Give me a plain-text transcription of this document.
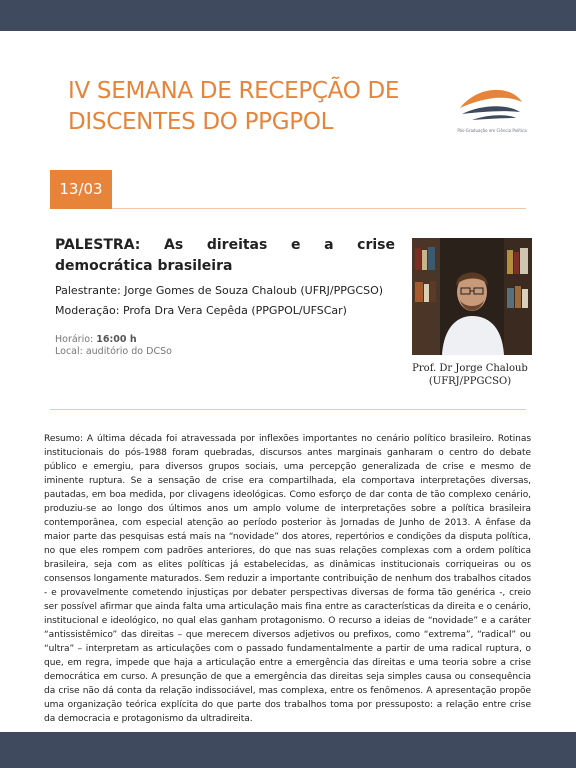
IV SEMANA DE RECEPÇÃO DE
DISCENTES DO PPGPOL	Pós-Graduação em Ciência Política
13/03
PALESTRA: As direitas e a crise democrática brasileira
Palestrante: Jorge Gomes de Souza Chaloub (UFRJ/PPGCSO)
Moderação: Profa Dra Vera Cepêda (PPGPOL/UFSCar)
Horário: 16:00 h
Local: auditório do DCSo
Prof. Dr Jorge Chaloub
(UFRJ/PPGCSO)
Resumo: A última década foi atravessada por inflexões importantes no cenário político brasileiro. Rotinas institucionais do pós-1988 foram quebradas, discursos antes marginais ganharam o centro do debate público e emergiu, para diversos grupos sociais, uma percepção generalizada de crise e mesmo de iminente ruptura. Se a sensação de crise era compartilhada, ela comportava interpretações diversas, pautadas, em boa medida, por clivagens ideológicas. Como esforço de dar conta de tão complexo cenário, produziu-se ao longo dos últimos anos um amplo volume de interpretações sobre a política brasileira contemporânea, com especial atenção ao período posterior às Jornadas de Junho de 2013. A ênfase da maior parte das pesquisas está mais na “novidade” dos atores, repertórios e condições da disputa política, no que eles rompem com padrões anteriores, do que nas suas relações complexas com a ordem política brasileira, seja com as elites políticas já estabelecidas, as dinâmicas institucionais corriqueiras ou os consensos longamente maturados. Sem reduzir a importante contribuição de nenhum dos trabalhos citados - e provavelmente cometendo injustiças por debater perspectivas diversas de forma tão genérica -, creio ser possível afirmar que ainda falta uma articulação mais fina entre as características da direita e o cenário, institucional e ideológico, no qual elas ganham protagonismo. O recurso a ideias de “novidade” e a caráter “antissistêmico” das direitas – que merecem diversos adjetivos ou prefixos, como “extrema”, “radical” ou “ultra” – interpretam as articulações com o passado fundamentalmente a partir de uma radical ruptura, o que, em regra, impede que haja a articulação entre a emergência das direitas e uma teoria sobre a crise democrática em curso. A presunção de que a emergência das direitas seja simples causa ou consequência da crise não dá conta da relação indissociável, mas complexa, entre os fenômenos. A apresentação propõe uma organização teórica explícita do que parte dos trabalhos toma por pressuposto: a relação entre crise da democracia e protagonismo da ultradireita.
